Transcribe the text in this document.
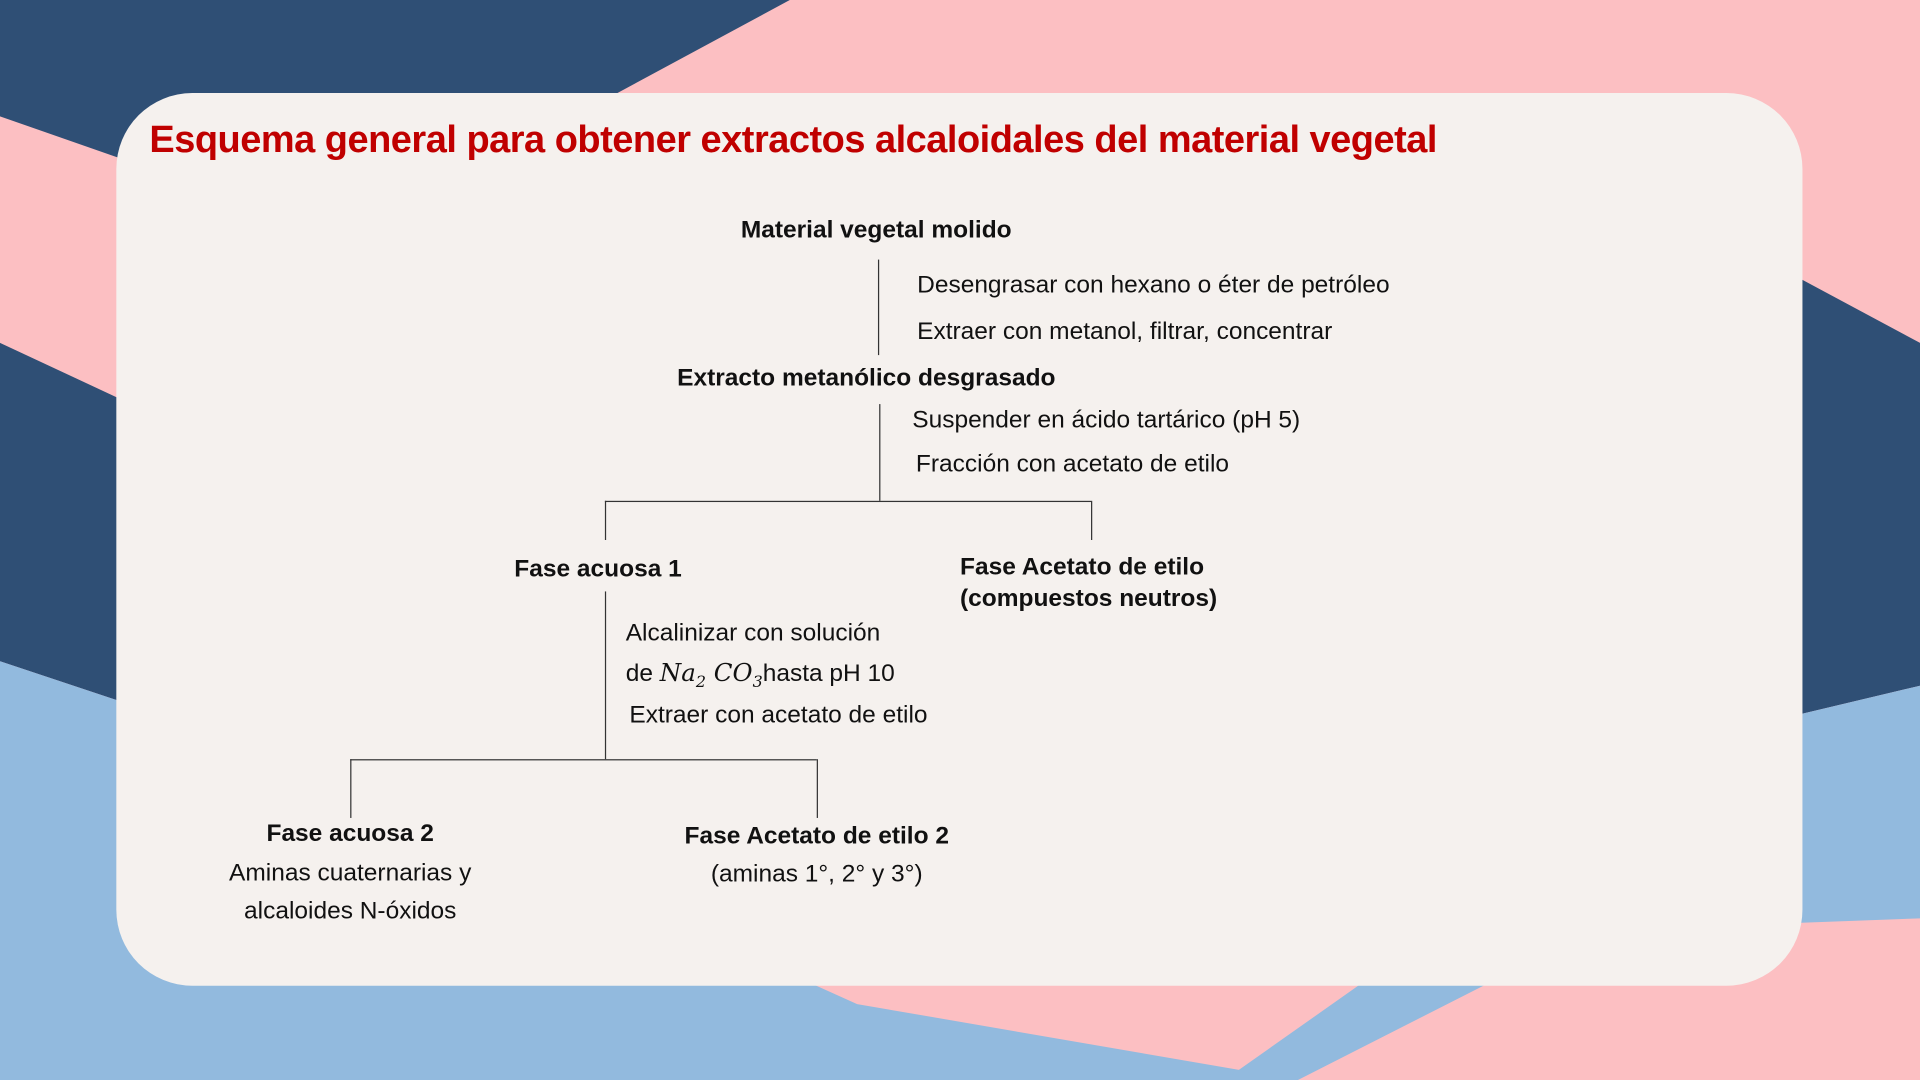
Esquema general para obtener extractos alcaloidales del material vegetal
Material vegetal molido
Desengrasar con hexano o éter de petróleo
Extraer con metanol, filtrar, concentrar
Extracto metanólico desgrasado
Suspender en ácido tartárico (pH 5)
Fracción con acetato de etilo
Fase acuosa 1	Fase Acetato de etilo
(compuestos neutros)
Alcalinizar con solución
de $Na_2$ $CO_3hasta$ pH 10
Extraer con acetato de etilo
Fase acuosa 2
Aminas cuaternarias y
alcaloides N-óxidos
Fase Acetato de etilo 2
(aminas 1°, 2° y 3°)
